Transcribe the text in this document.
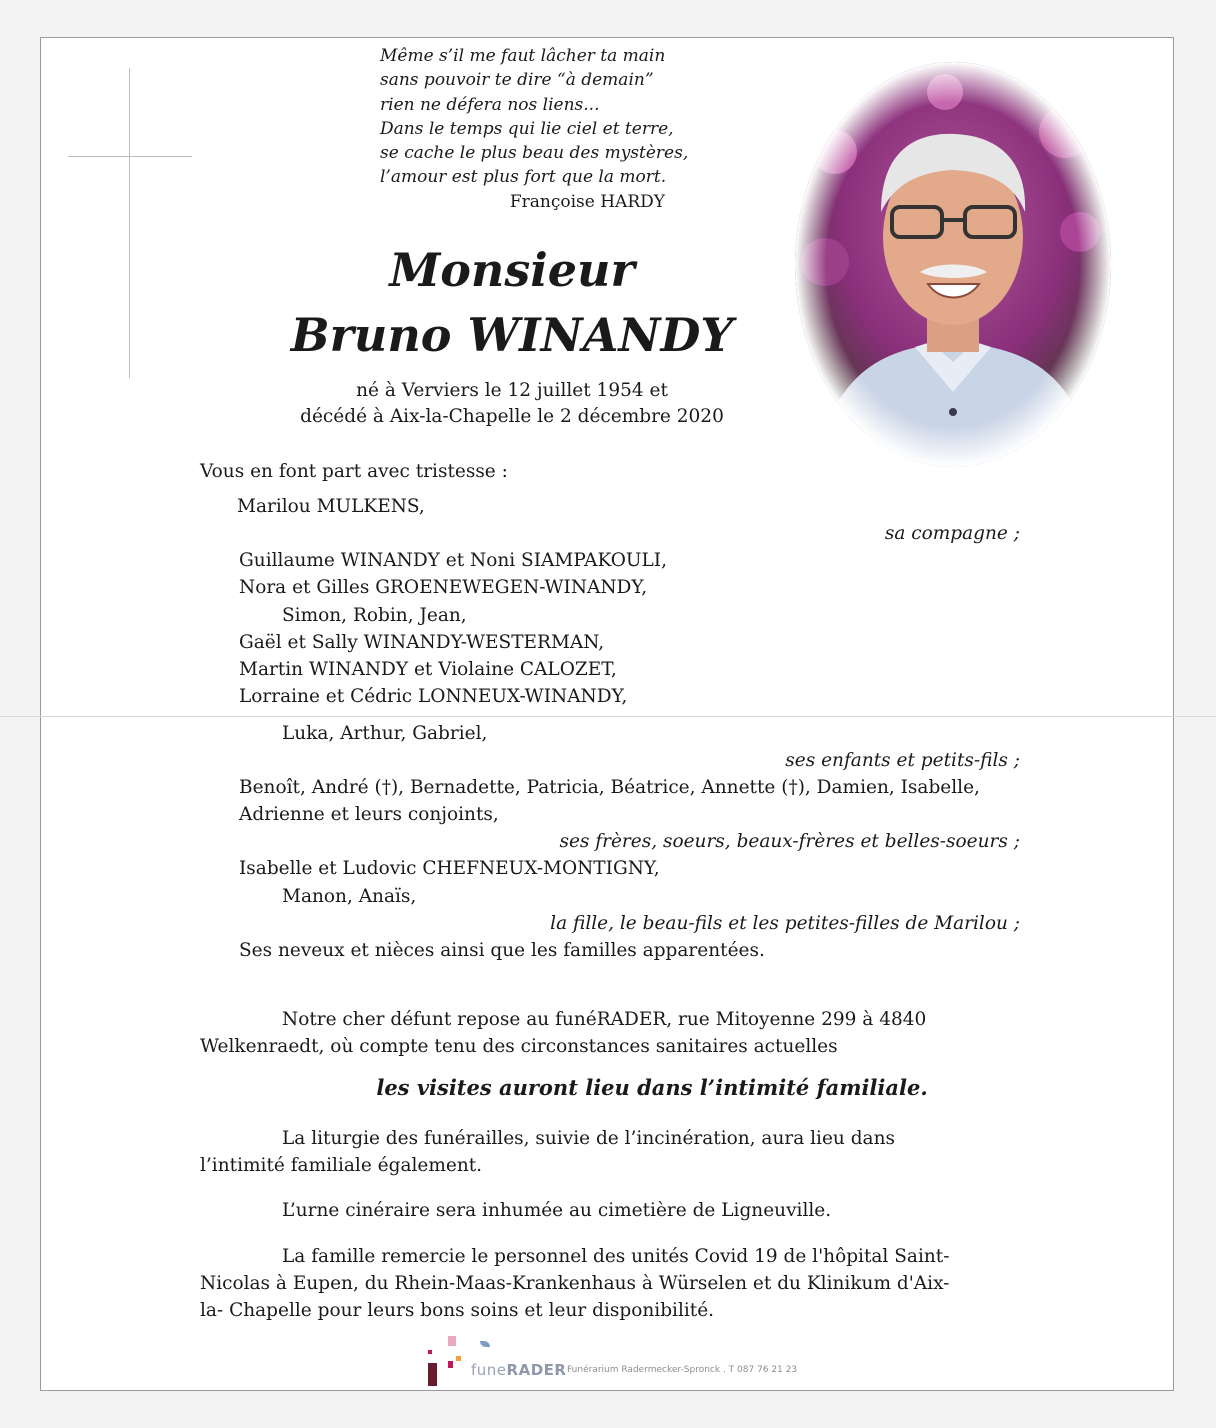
Même s’il me faut lâcher ta main
sans pouvoir te dire “à demain”
rien ne défera nos liens...
Dans le temps qui lie ciel et terre,
se cache le plus beau des mystères,
l’amour est plus fort que la mort.
Françoise HARDY
Monsieur
Bruno WINANDY
né à Verviers le 12 juillet 1954 et
décédé à Aix-la-Chapelle le 2 décembre 2020
Vous en font part avec tristesse :
Marilou MULKENS,
sa compagne ;
Guillaume WINANDY et Noni SIAMPAKOULI,
Nora et Gilles GROENEWEGEN-WINANDY,
Simon, Robin, Jean,
Gaël et Sally WINANDY-WESTERMAN,
Martin WINANDY et Violaine CALOZET,
Lorraine et Cédric LONNEUX-WINANDY,
Luka, Arthur, Gabriel,
ses enfants et petits-fils ;
Benoît, André (†), Bernadette, Patricia, Béatrice, Annette (†), Damien, Isabelle,
Adrienne et leurs conjoints,
ses frères, soeurs, beaux-frères et belles-soeurs ;
Isabelle et Ludovic CHEFNEUX-MONTIGNY,
Manon, Anaïs,
la fille, le beau-fils et les petites-filles de Marilou ;
Ses neveux et nièces ainsi que les familles apparentées.
Notre cher défunt repose au funéRADER, rue Mitoyenne 299 à 4840
Welkenraedt, où compte tenu des circonstances sanitaires actuelles
les visites auront lieu dans l’intimité familiale.
La liturgie des funérailles, suivie de l’incinération, aura lieu dans
l’intimité familiale également.
L’urne cinéraire sera inhumée au cimetière de Ligneuville.
La famille remercie le personnel des unités Covid 19 de l'hôpital Saint-
Nicolas à Eupen, du Rhein-Maas-Krankenhaus à Würselen et du Klinikum d'Aix-
la- Chapelle pour leurs bons soins et leur disponibilité.
funeRADER Funérarium Radermecker-Spronck . T 087 76 21 23
